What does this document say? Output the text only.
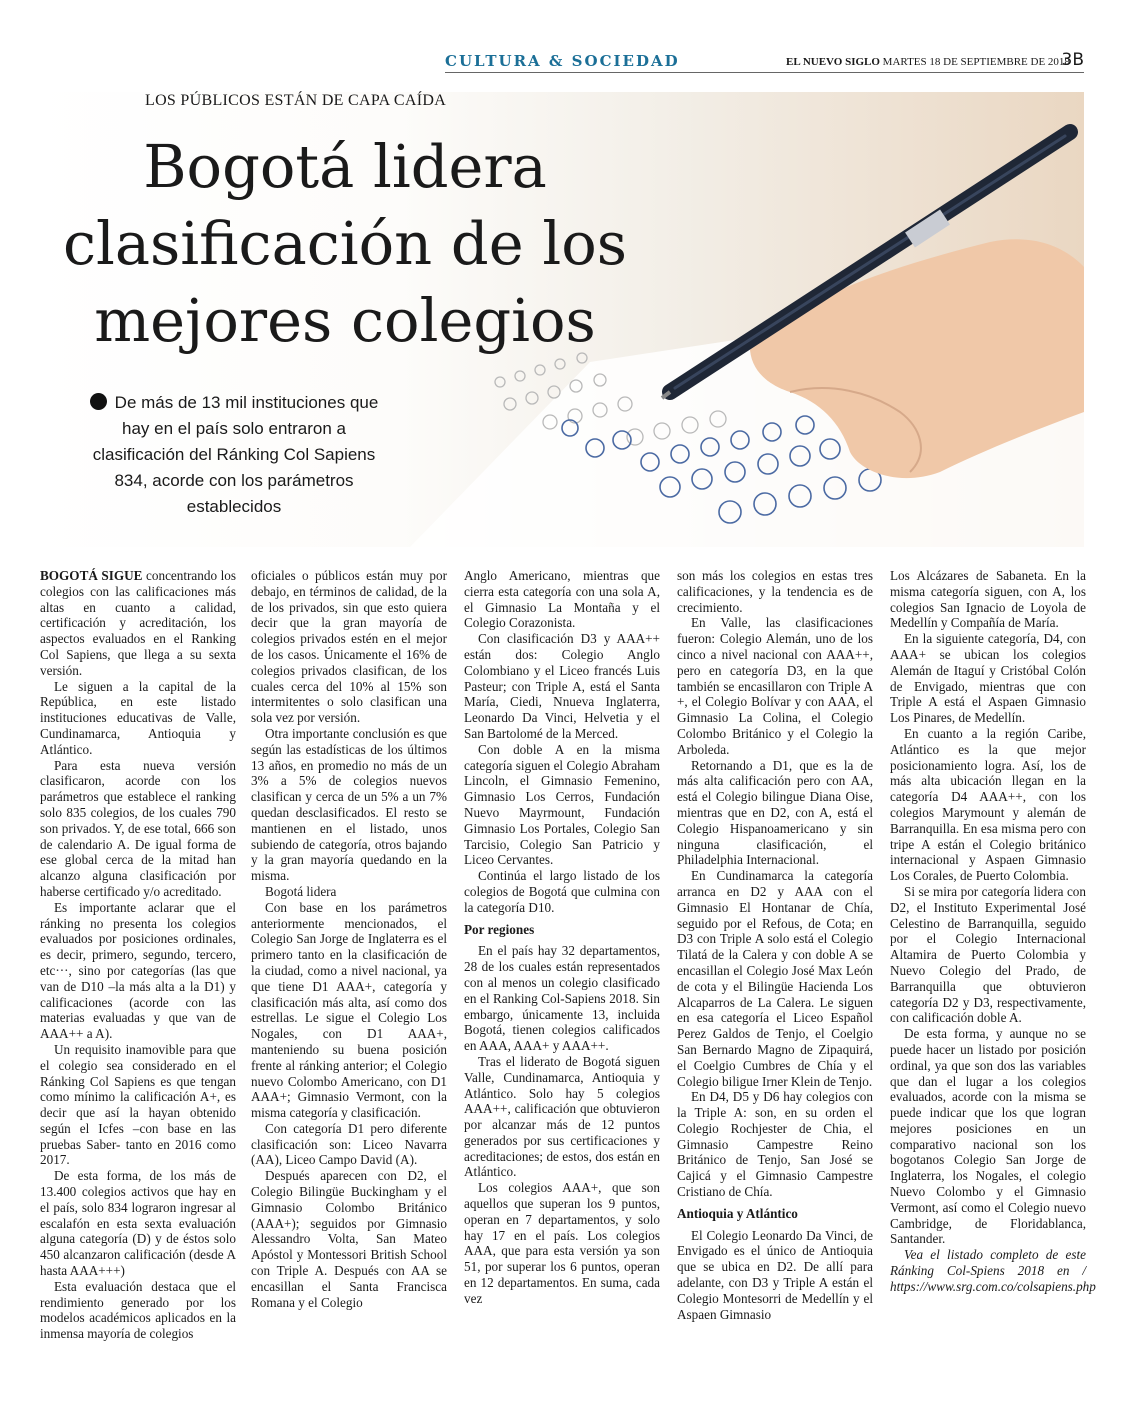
CULTURA & SOCIEDAD	EL NUEVO SIGLO MARTES 18 DE SEPTIEMBRE DE 2018
3B
LOS PÚBLICOS ESTÁN DE CAPA CAÍDA
Bogotá lidera clasificación de los mejores colegios
De más de 13 mil instituciones que hay en el país solo entraron a clasificación del Ránking Col Sapiens 834, acorde con los parámetros establecidos

BOGOTÁ SIGUE concentrando los colegios con las calificaciones más altas en cuanto a calidad, certificación y acreditación, los aspectos evaluados en el Ranking Col Sapiens, que llega a su sexta versión.

Le siguen a la capital de la República, en este listado instituciones educativas de Valle, Cundinamarca, Antioquia y Atlántico.

Para esta nueva versión clasificaron, acorde con los parámetros que establece el ranking solo 835 colegios, de los cuales 790 son privados. Y, de ese total, 666 son de calendario A. De igual forma de ese global cerca de la mitad han alcanzo alguna clasificación por haberse certificado y/o acreditado.

Es importante aclarar que el ránking no presenta los colegios evaluados por posiciones ordinales, es decir, primero, segundo, tercero, etc···, sino por categorías (las que van de D10 –la más alta a la D1) y calificaciones (acorde con las materias evaluadas y que van de AAA++ a A).

Un requisito inamovible para que el colegio sea considerado en el Ránking Col Sapiens es que tengan como mínimo la calificación A+, es decir que así la hayan obtenido según el Icfes –con base en las pruebas Saber- tanto en 2016 como 2017.

De esta forma, de los más de 13.400 colegios activos que hay en el país, solo 834 lograron ingresar al escalafón en esta sexta evaluación alguna categoría (D) y de éstos solo 450 alcanzaron calificación (desde A hasta AAA+++)

Esta evaluación destaca que el rendimiento generado por los modelos académicos aplicados en la inmensa mayoría de colegios

oficiales o públicos están muy por debajo, en términos de calidad, de la de los privados, sin que esto quiera decir que la gran mayoría de colegios privados estén en el mejor de los casos. Únicamente el 16% de colegios privados clasifican, de los cuales cerca del 10% al 15% son intermitentes o solo clasifican una sola vez por versión.

Otra importante conclusión es que según las estadísticas de los últimos 13 años, en promedio no más de un 3% a 5% de colegios nuevos clasifican y cerca de un 5% a un 7% quedan desclasificados. El resto se mantienen en el listado, unos subiendo de categoría, otros bajando y la gran mayoría quedando en la misma.

Bogotá lidera

Con base en los parámetros anteriormente mencionados, el Colegio San Jorge de Inglaterra es el primero tanto en la clasificación de la ciudad, como a nivel nacional, ya que tiene D1 AAA+, categoría y clasificación más alta, así como dos estrellas. Le sigue el Colegio Los Nogales, con D1 AAA+, manteniendo su buena posición frente al ránking anterior; el Colegio nuevo Colombo Americano, con D1 AAA+; Gimnasio Vermont, con la misma categoría y clasificación.

Con categoría D1 pero diferente clasificación son: Liceo Navarra (AA), Liceo Campo David (A).

Después aparecen con D2, el Colegio Bilingüe Buckingham y el Gimnasio Colombo Británico (AAA+); seguidos por Gimnasio Alessandro Volta, San Mateo Apóstol y Montessori British School con Triple A. Después con AA se encasillan el Santa Francisca Romana y el Colegio

Anglo Americano, mientras que cierra esta categoría con una sola A, el Gimnasio La Montaña y el Colegio Corazonista.

Con clasificación D3 y AAA++ están dos: Colegio Anglo Colombiano y el Liceo francés Luis Pasteur; con Triple A, está el Santa María, Ciedi, Nnueva Inglaterra, Leonardo Da Vinci, Helvetia y el San Bartolomé de la Merced.

Con doble A en la misma categoría siguen el Colegio Abraham Lincoln, el Gimnasio Femenino, Gimnasio Los Cerros, Fundación Nuevo Mayrmount, Fundación Gimnasio Los Portales, Colegio San Tarcisio, Colegio San Patricio y Liceo Cervantes.

Continúa el largo listado de los colegios de Bogotá que culmina con la categoría D10.

Por regiones

En el país hay 32 departamentos, 28 de los cuales están representados con al menos un colegio clasificado en el Ranking Col-Sapiens 2018. Sin embargo, únicamente 13, incluida Bogotá, tienen colegios calificados en AAA, AAA+ y AAA++.

Tras el liderato de Bogotá siguen Valle, Cundinamarca, Antioquia y Atlántico. Solo hay 5 colegios AAA++, calificación que obtuvieron por alcanzar más de 12 puntos generados por sus certificaciones y acreditaciones; de estos, dos están en Atlántico.

Los colegios AAA+, que son aquellos que superan los 9 puntos, operan en 7 departamentos, y solo hay 17 en el país. Los colegios AAA, que para esta versión ya son 51, por superar los 6 puntos, operan en 12 departamentos. En suma, cada vez

son más los colegios en estas tres calificaciones, y la tendencia es de crecimiento.

En Valle, las clasificaciones fueron: Colegio Alemán, uno de los cinco a nivel nacional con AAA++, pero en categoría D3, en la que también se encasillaron con Triple A +, el Colegio Bolívar y con AAA, el Gimnasio La Colina, el Colegio Colombo Británico y el Colegio la Arboleda.

Retornando a D1, que es la de más alta calificación pero con AA, está el Colegio bilingue Diana Oise, mientras que en D2, con A, está el Colegio Hispanoamericano y sin ninguna clasificación, el Philadelphia Internacional.

En Cundinamarca la categoría arranca en D2 y AAA con el Gimnasio El Hontanar de Chía, seguido por el Refous, de Cota; en D3 con Triple A solo está el Colegio Tilatá de la Calera y con doble A se encasillan el Colegio José Max León de cota y el Bilingüe Hacienda Los Alcaparros de La Calera. Le siguen en esa categoría el Liceo Español Perez Galdos de Tenjo, el Coelgio San Bernardo Magno de Zipaquirá, el Coelgio Cumbres de Chía y el Colegio biligue Irner Klein de Tenjo.

En D4, D5 y D6 hay colegios con la Triple A: son, en su orden el Colegio Rochjester de Chia, el Gimnasio Campestre Reino Británico de Tenjo, San José se Cajicá y el Gimnasio Campestre Cristiano de Chía.

Antioquia y Atlántico

El Colegio Leonardo Da Vinci, de Envigado es el único de Antioquia que se ubica en D2. De allí para adelante, con D3 y Triple A están el Colegio Montesorri de Medellín y el Aspaen Gimnasio

Los Alcázares de Sabaneta. En la misma categoría siguen, con A, los colegios San Ignacio de Loyola de Medellín y Compañía de María.

En la siguiente categoría, D4, con AAA+ se ubican los colegios Alemán de Itaguí y Cristóbal Colón de Envigado, mientras que con Triple A está el Aspaen Gimnasio Los Pinares, de Medellín.

En cuanto a la región Caribe, Atlántico es la que mejor posicionamiento logra. Así, los de más alta ubicación llegan en la categoría D4 AAA++, con los colegios Marymount y alemán de Barranquilla. En esa misma pero con tripe A están el Colegio británico internacional y Aspaen Gimnasio Los Corales, de Puerto Colombia.

Si se mira por categoría lidera con D2, el Instituto Experimental José Celestino de Barranquilla, seguido por el Colegio Internacional Altamira de Puerto Colombia y Nuevo Colegio del Prado, de Barranquilla que obtuvieron categoría D2 y D3, respectivamente, con calificación doble A.

De esta forma, y aunque no se puede hacer un listado por posición ordinal, ya que son dos las variables que dan el lugar a los colegios evaluados, acorde con la misma se puede indicar que los que logran mejores posiciones en un comparativo nacional son los bogotanos Colegio San Jorge de Inglaterra, los Nogales, el colegio Nuevo Colombo y el Gimnasio Vermont, así como el Colegio nuevo Cambridge, de Floridablanca, Santander.

Vea el listado completo de este Ránking Col-Spiens 2018 en / https://www.srg.com.co/colsapiens.php
